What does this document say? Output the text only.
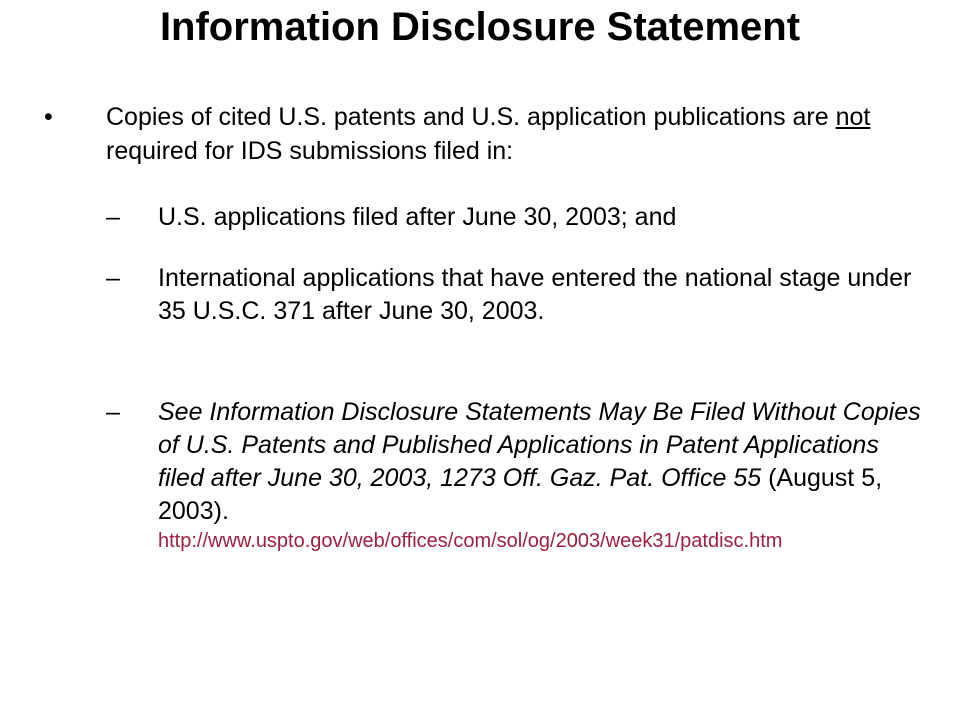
Information Disclosure Statement
• Copies of cited U.S. patents and U.S. application publications are not required for IDS submissions filed in:
– U.S. applications filed after June 30, 2003; and
– International applications that have entered the national stage under 35 U.S.C. 371 after June 30, 2003.
– See Information Disclosure Statements May Be Filed Without Copies of U.S. Patents and Published Applications in Patent Applications filed after June 30, 2003, 1273 Off. Gaz. Pat. Office 55 (August 5, 2003).
http://www.uspto.gov/web/offices/com/sol/og/2003/week31/patdisc.htm
